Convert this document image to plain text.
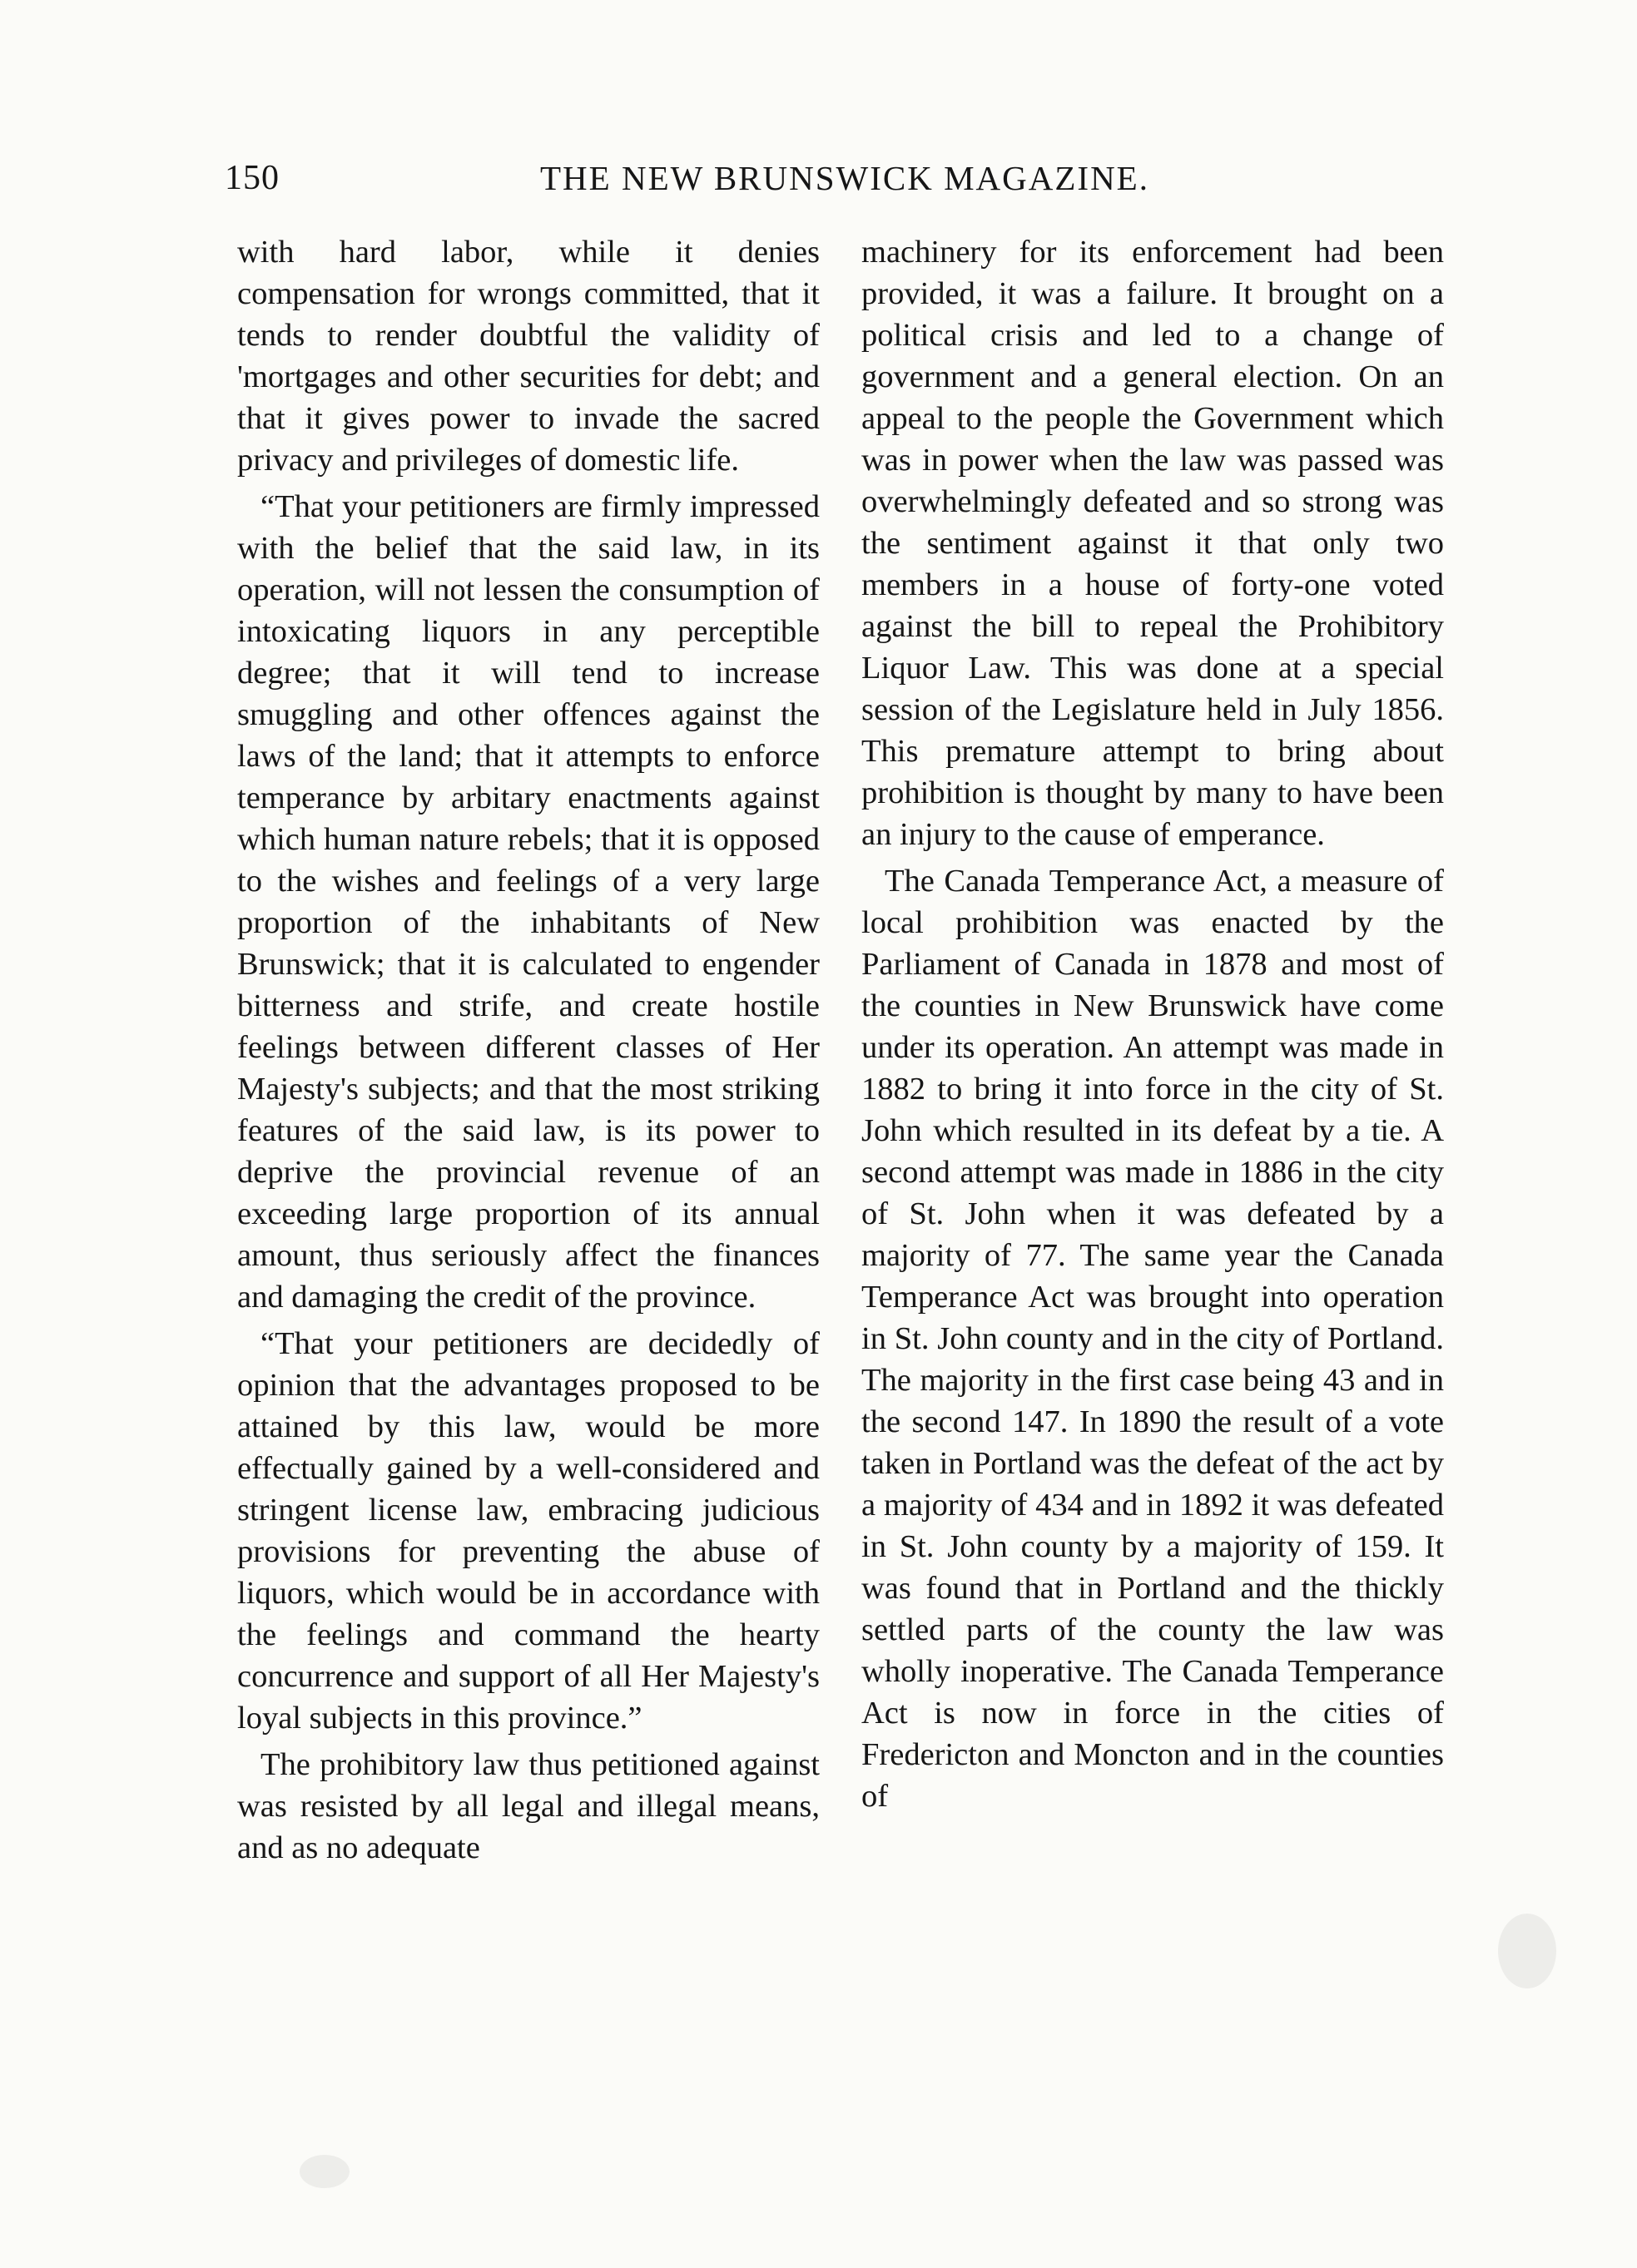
150	THE NEW BRUNSWICK MAGAZINE.

with hard labor, while it denies compensation for wrongs committed, that it tends to render doubtful the validity of 'mortgages and other securities for debt; and that it gives power to invade the sacred privacy and privileges of domestic life.

“That your petitioners are firmly impressed with the belief that the said law, in its operation, will not lessen the consumption of intoxicating liquors in any perceptible degree; that it will tend to increase smuggling and other offences against the laws of the land; that it attempts to enforce temperance by arbitary enactments against which human nature rebels; that it is opposed to the wishes and feelings of a very large proportion of the inhabitants of New Brunswick; that it is calculated to engender bitterness and strife, and create hostile feelings between different classes of Her Majesty's subjects; and that the most striking features of the said law, is its power to deprive the provincial revenue of an exceeding large proportion of its annual amount, thus seriously affect the finances and damaging the credit of the province.

“That your petitioners are decidedly of opinion that the advantages proposed to be attained by this law, would be more effectually gained by a well-considered and stringent license law, embracing judicious provisions for preventing the abuse of liquors, which would be in accordance with the feelings and command the hearty concurrence and support of all Her Majesty's loyal subjects in this province.”

The prohibitory law thus petitioned against was resisted by all legal and illegal means, and as no adequate

machinery for its enforcement had been provided, it was a failure. It brought on a political crisis and led to a change of government and a general election. On an appeal to the people the Government which was in power when the law was passed was overwhelmingly defeated and so strong was the sentiment against it that only two members in a house of forty-one voted against the bill to repeal the Prohibitory Liquor Law. This was done at a special session of the Legislature held in July 1856. This premature attempt to bring about prohibition is thought by many to have been an injury to the cause of emperance.

The Canada Temperance Act, a measure of local prohibition was enacted by the Parliament of Canada in 1878 and most of the counties in New Brunswick have come under its operation. An attempt was made in 1882 to bring it into force in the city of St. John which resulted in its defeat by a tie. A second attempt was made in 1886 in the city of St. John when it was defeated by a majority of 77. The same year the Canada Temperance Act was brought into operation in St. John county and in the city of Portland. The majority in the first case being 43 and in the second 147. In 1890 the result of a vote taken in Portland was the defeat of the act by a majority of 434 and in 1892 it was defeated in St. John county by a majority of 159. It was found that in Portland and the thickly settled parts of the county the law was wholly inoperative. The Canada Temperance Act is now in force in the cities of Fredericton and Moncton and in the counties of
